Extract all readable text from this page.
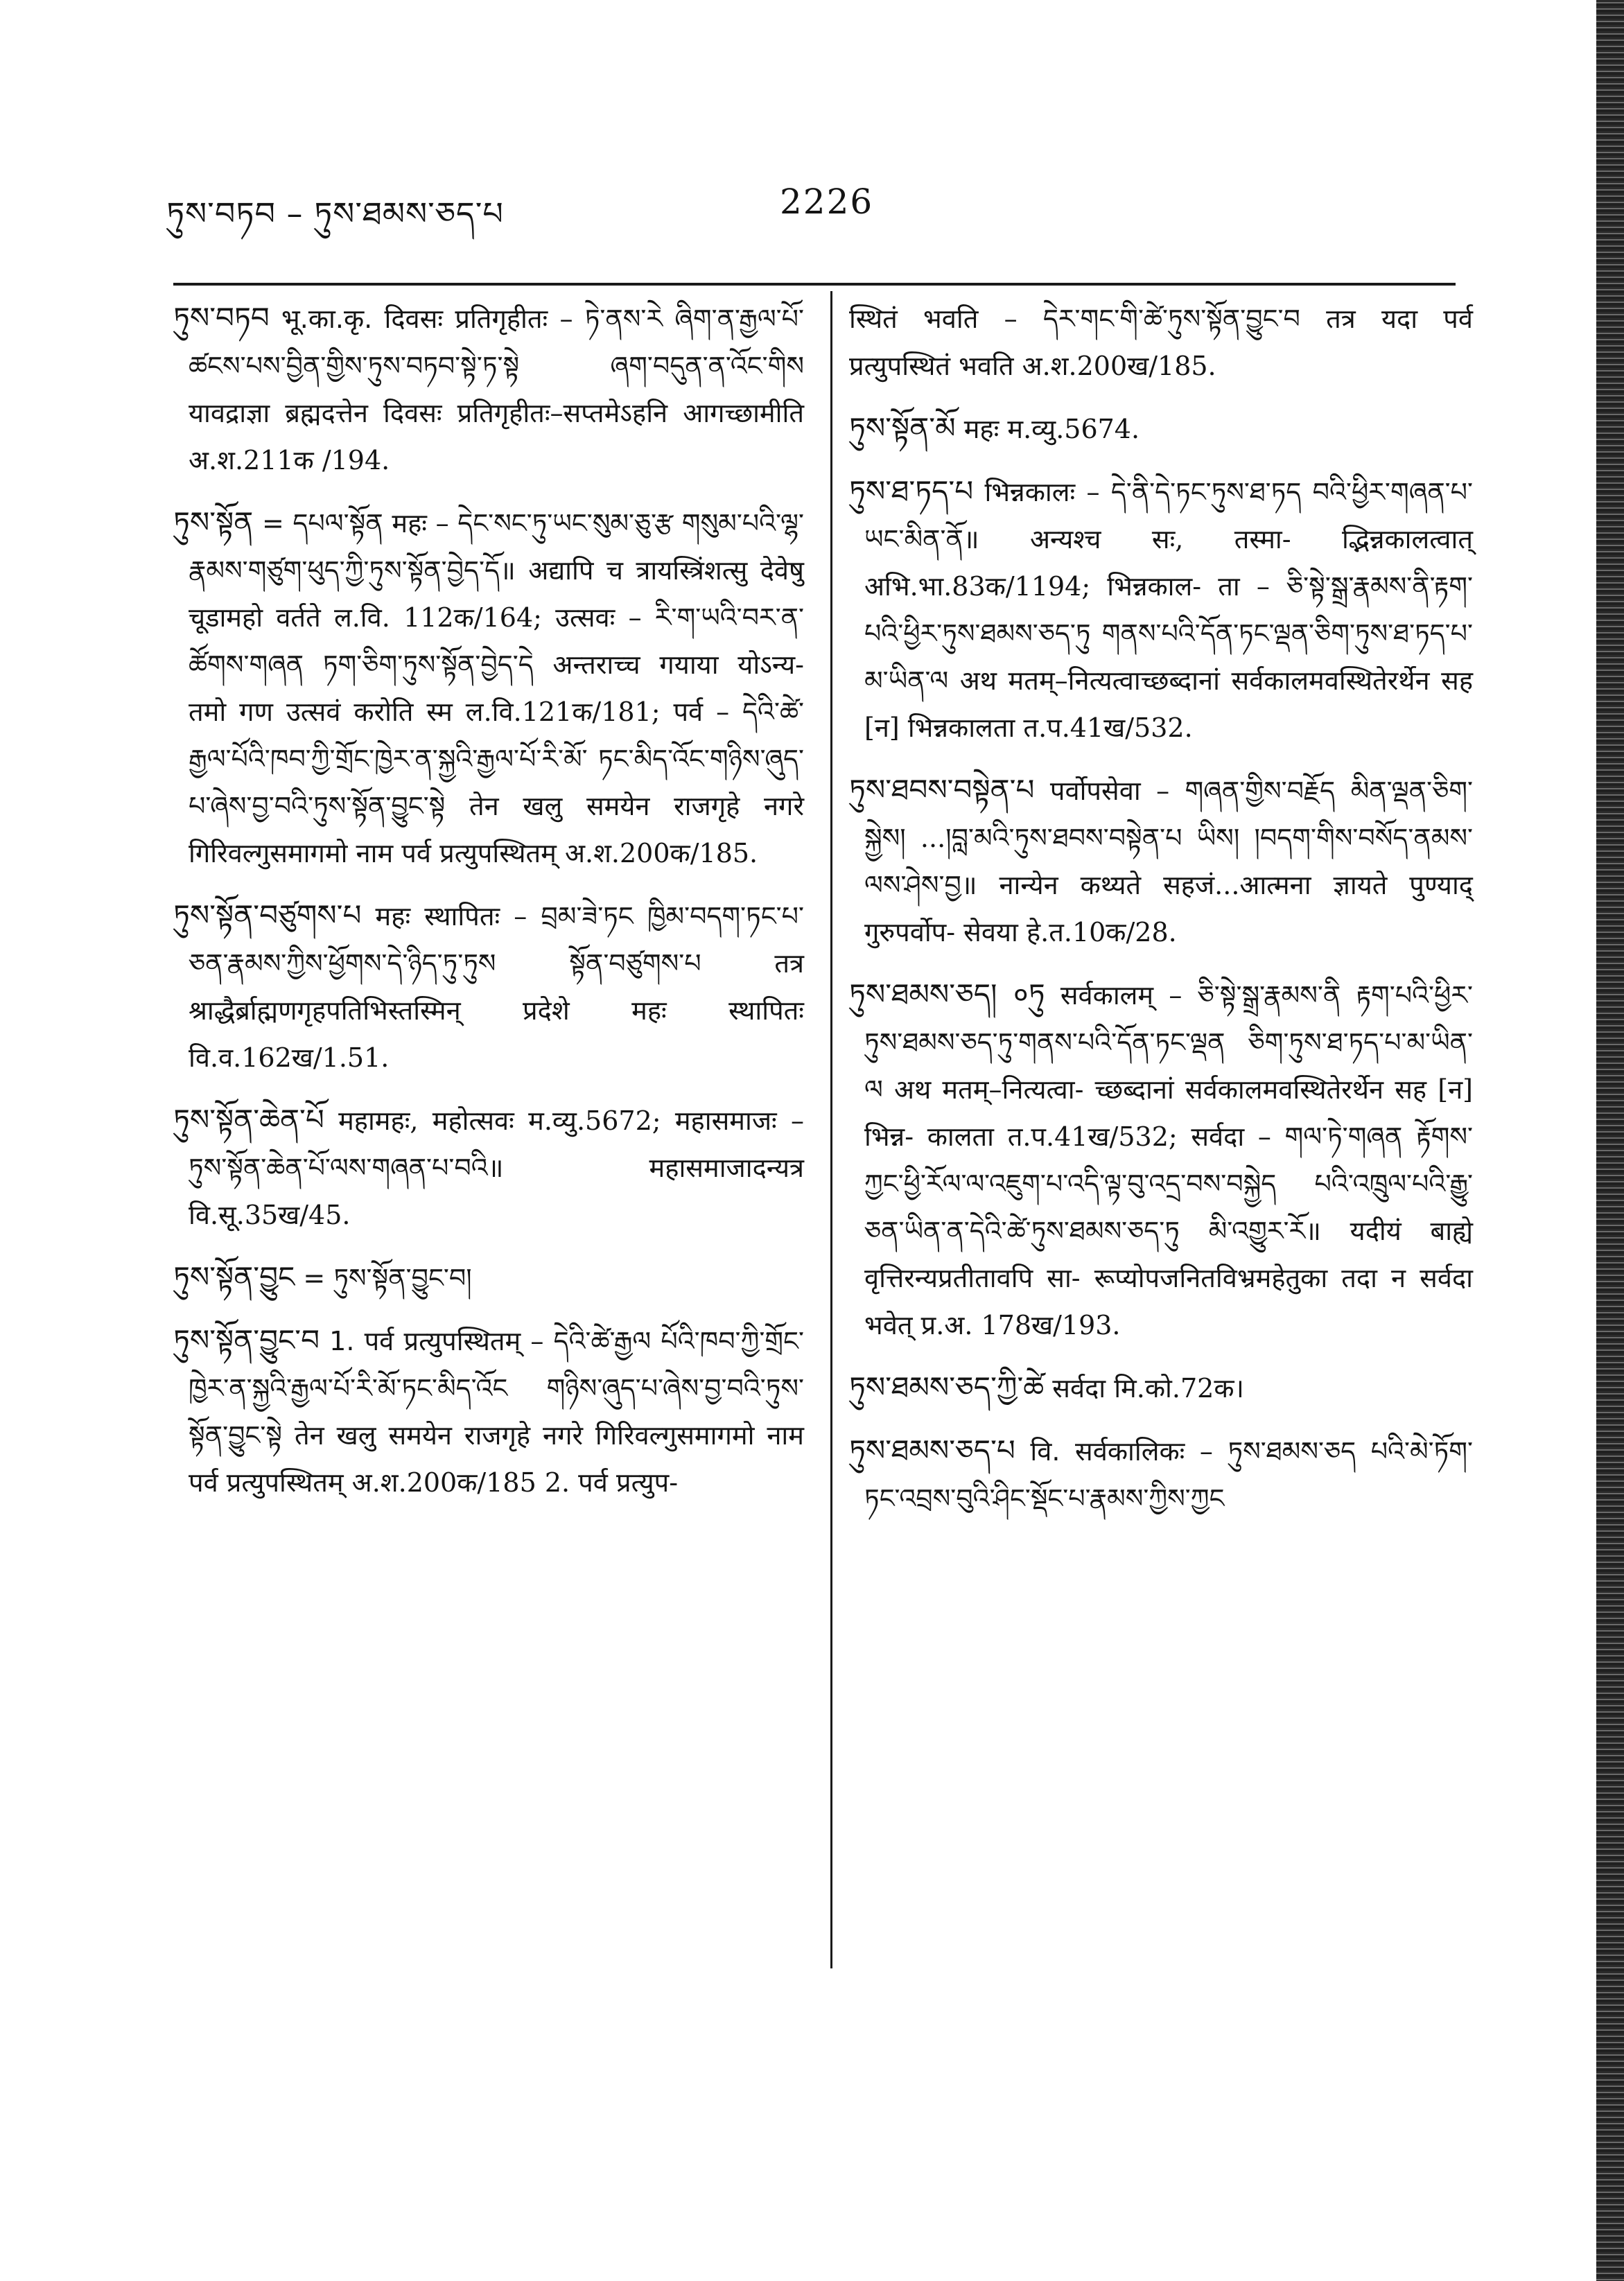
ཏུས་བཏབ – ཏུས་ཐམས་ཅད་པ	2226

ཏུས་བཏབ भू.का.कृ. दिवसः प्रतिगृहीतः – ཏེ་ནས་རེ ཞིག་ན་རྒྱལ་པོ་ཚངས་པས་བྱིན་གྱིས་ཏུས་བཏབ་སྟེ་ཏ་སྟེ ཞག་བདུན་ན་འོང་གིས यावद्राज्ञा ब्रह्मदत्तेन दिवसः प्रतिगृहीतः–सप्तमेऽहनि आगच्छामीति अ.श.211क /194.

ཏུས་སྟོན = དཔལ་སྟོན महः – དེང་སང་ཏུ་ཡང་སུམ་ཅུ་རྩ གསུམ་པའི་ལྷ་རྣམས་གཙུག་ཕུད་ཀྱི་ཏུས་སྟོན་བྱེད་དོ॥ अद्यापि च त्रायस्त्रिंशत्सु देवेषु चूडामहो वर्तते ल.वि. 112क/164; उत्सवः – རི་ག་ཡའི་བར་ན་ཚོགས་གཞན ཏག་ཅིག་ཏུས་སྟོན་བྱེད་དེ अन्तराच्च गयाया योऽन्य- तमो गण उत्सवं करोति स्म ल.वि.121क/181; पर्व – དེའི་ཚེ་རྒྱལ་པོའི་ཁབ་ཀྱི་གྲོང་ཁྱེར་ན་སྐྱའི་རྒྱལ་པོ་རི་མོ་ ཏང་མིད་འོང་གཉིས་ཞུད་པ་ཞེས་བྱ་བའི་ཏུས་སྟོན་བྱུང་སྟེ तेन खलु समयेन राजगृहे नगरे गिरिवल्गुसमागमो नाम पर्व प्रत्युपस्थितम् अ.श.200क/185.

ཏུས་སྟོན་བཙུགས་པ महः स्थापितः – བྲམ་ཟེ་ཏང ཁྱིམ་བདག་ཏང་པ་ཅན་རྣམས་ཀྱིས་ཕྱོགས་དེ་ཉིད་ཏུ་ཏུས སྟོན་བཙུགས་པ तत्र श्राद्धैर्ब्राह्मणगृहपतिभिस्तस्मिन् प्रदेशे महः स्थापितः वि.व.162ख/1.51.

ཏུས་སྟོན་ཆེན་པོ महामहः, महोत्सवः म.व्यु.5672; महासमाजः – ཏུས་སྟོན་ཆེན་པོ་ལས་གཞན་པ་བའི॥ महासमाजादन्यत्र वि.सू.35ख/45.

ཏུས་སྟོན་བྱུང = ཏུས་སྟོན་བྱུང་བ།

ཏུས་སྟོན་བྱུང་བ 1. पर्व प्रत्युपस्थितम् – དེའི་ཚེ་རྒྱལ པོའི་ཁབ་ཀྱི་གྲོང་ཁྱེར་ན་སྐྱའི་རྒྱལ་པོ་རི་མོ་ཏང་མིད་འོང གཉིས་ཞུད་པ་ཞེས་བྱ་བའི་ཏུས་སྟོན་བྱུང་སྟེ तेन खलु समयेन राजगृहे नगरे गिरिवल्गुसमागमो नाम पर्व प्रत्युपस्थितम् अ.श.200क/185 2. पर्व प्रत्युप-

स्थितं भवति – དེར་གང་གི་ཚེ་ཏུས་སྟོན་བྱུང་བ तत्र यदा पर्व प्रत्युपस्थितं भवति अ.श.200ख/185.

ཏུས་སྟོན་མོ महः म.व्यु.5674.

ཏུས་ཐ་ཏད་པ भिन्नकालः – དེ་ནི་དེ་ཏང་ཏུས་ཐ་ཏད བའི་ཕྱིར་གཞན་པ་ཡང་མིན་ནོ॥ अन्यश्च सः, तस्मा- द्भिन्नकालत्वात् अभि.भा.83क/1194; भिन्नकाल- ता – ཅི་སྟེ་སྒྲ་རྣམས་ནི་རྟག་པའི་ཕྱིར་ཏུས་ཐམས་ཅད་ཏུ གནས་པའི་དོན་ཏང་ལྡན་ཅིག་ཏུས་ཐ་ཏད་པ་མ་ཡིན་ལ अथ मतम्–नित्यत्वाच्छब्दानां सर्वकालमवस्थितेरर्थेन सह [न] भिन्नकालता त.प.41ख/532.

ཏུས་ཐབས་བསྟེན་པ पर्वोपसेवा – གཞན་གྱིས་བརྗོད མིན་ལྡན་ཅིག་སྐྱེས། ...།བླ་མའི་ཏུས་ཐབས་བསྟེན་པ ཡིས། །བདག་གིས་བསོད་ནམས་ལས་ཤེས་བྱ॥ नान्येन कथ्यते सहजं...आत्मना ज्ञायते पुण्याद् गुरुपर्वोप- सेवया हे.त.10क/28.

ཏུས་ཐམས་ཅད། ०ཏུ सर्वकालम् – ཅི་སྟེ་སྒྲ་རྣམས་ནི རྟག་པའི་ཕྱིར་ཏུས་ཐམས་ཅད་ཏུ་གནས་པའི་དོན་ཏང་ལྡན ཅིག་ཏུས་ཐ་ཏད་པ་མ་ཡིན་ལ अथ मतम्–नित्यत्वा- च्छब्दानां सर्वकालमवस्थितेरर्थेन सह [न] भिन्न- कालता त.प.41ख/532; सर्वदा – གལ་ཏེ་གཞན རྟོགས་ཀྱང་ཕྱི་རོལ་ལ་འཇུག་པ་འདི་ལྟ་བུ་འདྲ་བས་བསྐྱེད པའི་འཁྲུལ་པའི་རྒྱུ་ཅན་ཡིན་ན་དེའི་ཚེ་ཏུས་ཐམས་ཅད་ཏུ མི་འགྱུར་རོ॥ यदीयं बाह्ये वृत्तिरन्यप्रतीतावपि सा- रूप्योपजनितविभ्रमहेतुका तदा न सर्वदा भवेत् प्र.अ. 178ख/193.

ཏུས་ཐམས་ཅད་ཀྱི་ཚེ सर्वदा मि.को.72क।

ཏུས་ཐམས་ཅད་པ वि. सर्वकालिकः – ཏུས་ཐམས་ཅད པའི་མེ་ཏོག་ཏང་འབྲས་བུའི་ཤིང་སྡོང་པ་རྣམས་ཀྱིས་ཀྱང
